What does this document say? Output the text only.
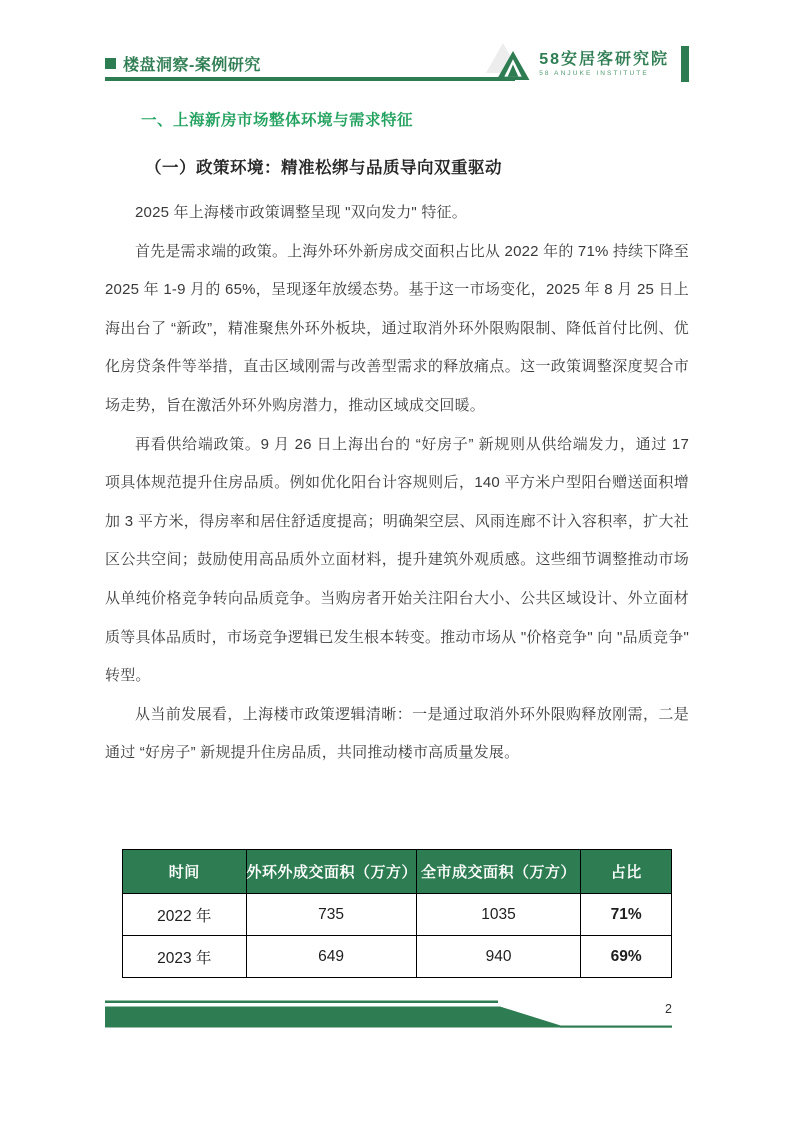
楼盘洞察-案例研究	58安居客研究院
58 ANJUKE INSTITUTE
一、上海新房市场整体环境与需求特征
（一）政策环境：精准松绑与品质导向双重驱动

2025 年上海楼市政策调整呈现 "双向发力" 特征。

首先是需求端的政策。上海外环外新房成交面积占比从 2022 年的 71% 持续下降至 2025 年 1-9 月的 65%，呈现逐年放缓态势。基于这一市场变化，2025 年 8 月 25 日上海出台了 “新政”，精准聚焦外环外板块，通过取消外环外限购限制、降低首付比例、优化房贷条件等举措，直击区域刚需与改善型需求的释放痛点。这一政策调整深度契合市场走势，旨在激活外环外购房潜力，推动区域成交回暖。

再看供给端政策。9 月 26 日上海出台的 “好房子” 新规则从供给端发力，通过 17 项具体规范提升住房品质。例如优化阳台计容规则后，140 平方米户型阳台赠送面积增加 3 平方米，得房率和居住舒适度提高；明确架空层、风雨连廊不计入容积率，扩大社区公共空间；鼓励使用高品质外立面材料，提升建筑外观质感。这些细节调整推动市场从单纯价格竞争转向品质竞争。当购房者开始关注阳台大小、公共区域设计、外立面材质等具体品质时，市场竞争逻辑已发生根本转变。推动市场从 "价格竞争" 向 "品质竞争" 转型。

从当前发展看，上海楼市政策逻辑清晰：一是通过取消外环外限购释放刚需，二是通过 “好房子” 新规提升住房品质，共同推动楼市高质量发展。

时间	外环外成交面积（万方）	全市成交面积（万方）	占比
2022 年	735	1035	71%
2023 年	649	940	69%
2
